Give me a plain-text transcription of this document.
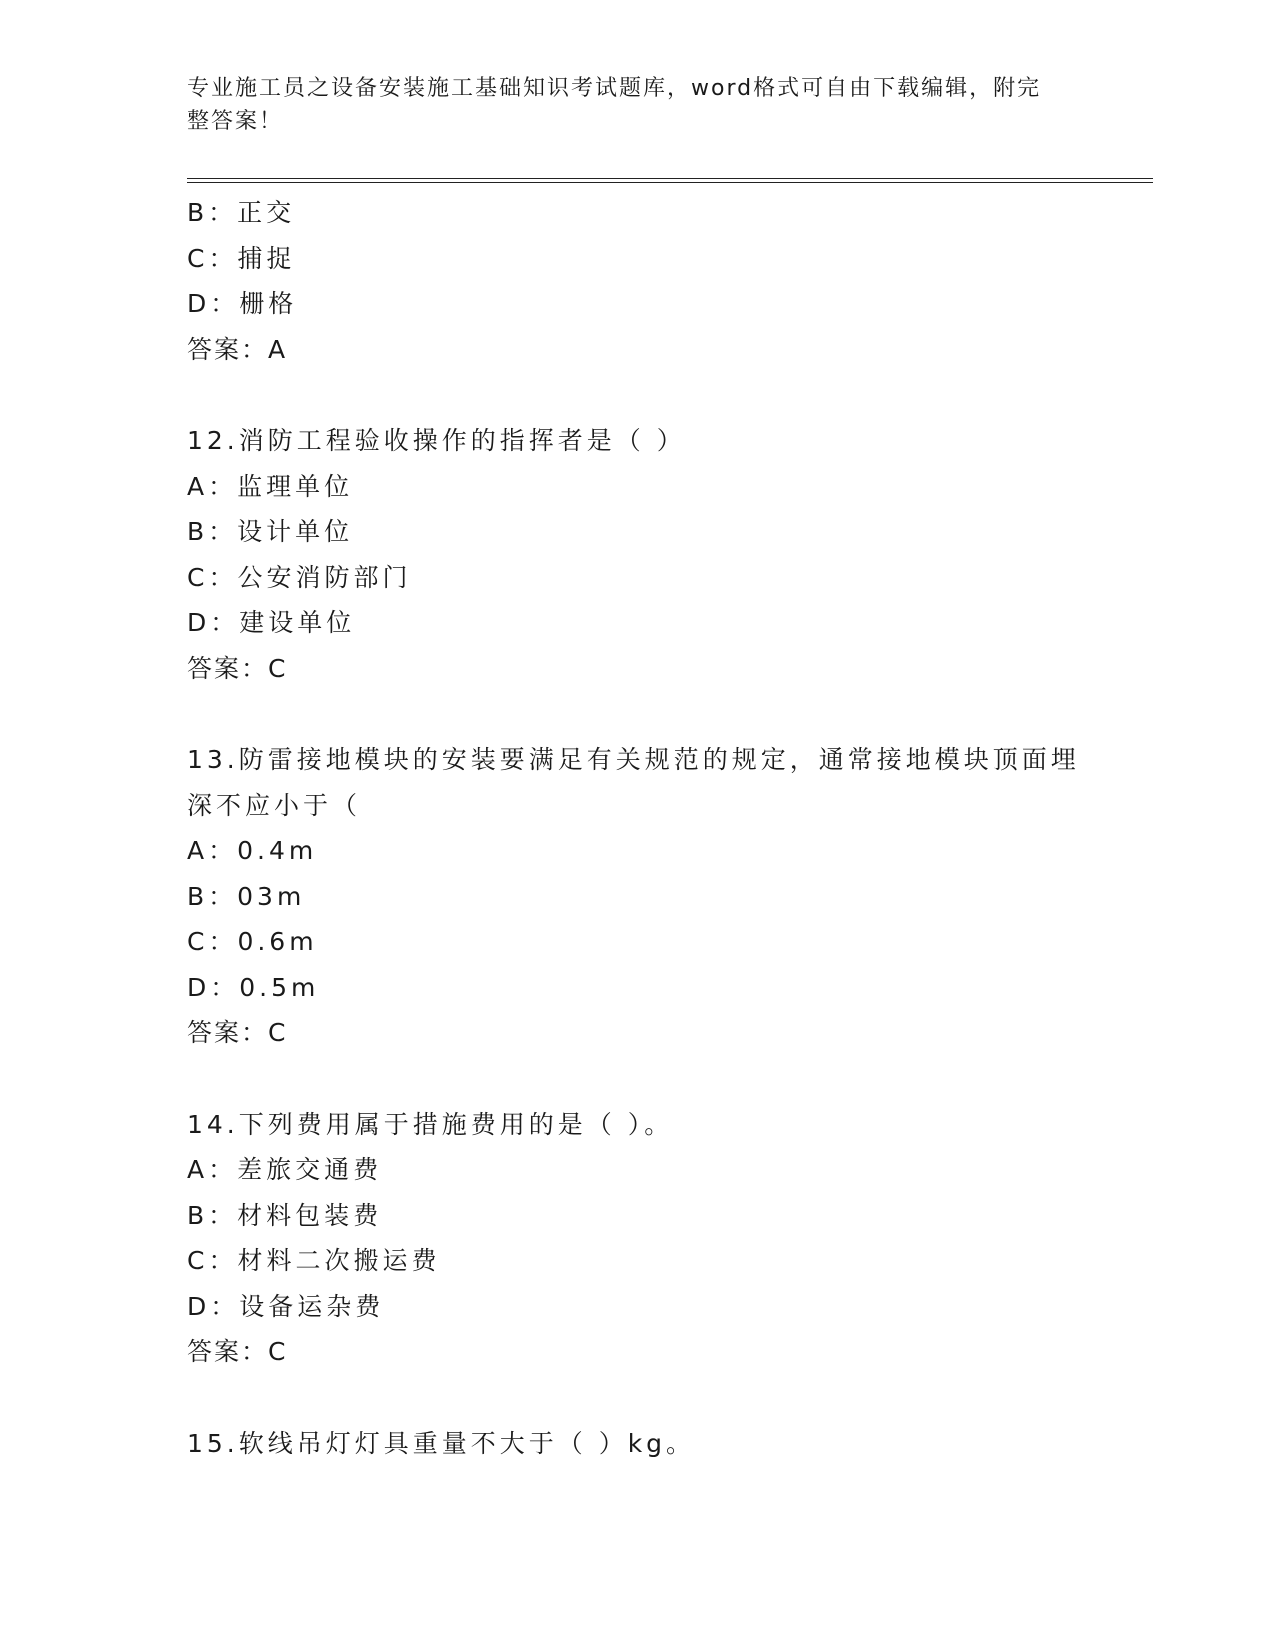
专业施工员之设备安装施工基础知识考试题库，word格式可自由下载编辑，附完
整答案！
B：正交
C：捕捉
D：栅格
答案：A
12.消防工程验收操作的指挥者是（ ）
A：监理单位
B：设计单位
C：公安消防部门
D：建设单位
答案：C
13.防雷接地模块的安装要满足有关规范的规定，通常接地模块顶面埋
深不应小于（
A：0.4m
B：03m
C：0.6m
D：0.5m
答案：C
14.下列费用属于措施费用的是（ ）。
A：差旅交通费
B：材料包装费
C：材料二次搬运费
D：设备运杂费
答案：C
15.软线吊灯灯具重量不大于（ ）kg。
